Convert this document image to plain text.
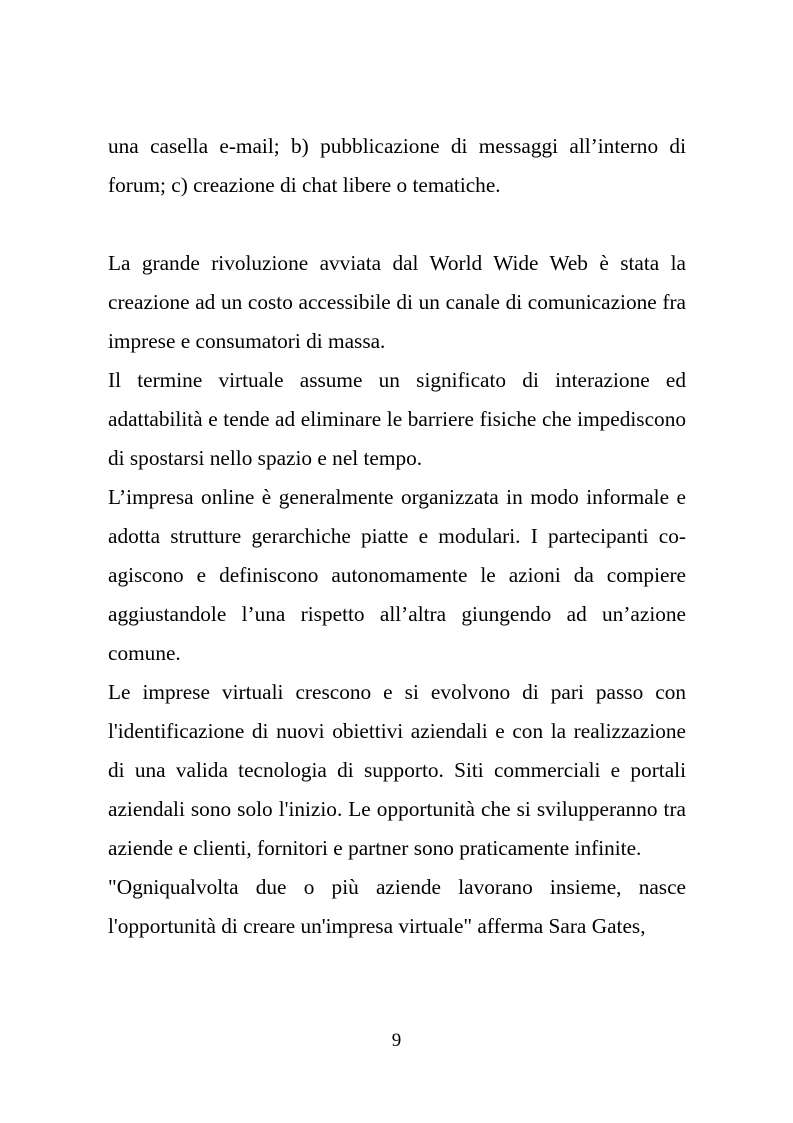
una casella e-mail; b) pubblicazione di messaggi all’interno di forum; c) creazione di chat libere o tematiche.

La grande rivoluzione avviata dal World Wide Web è stata la creazione ad un costo accessibile di un canale di comunicazione fra imprese e consumatori di massa.

Il termine virtuale assume un significato di interazione ed adattabilità e tende ad eliminare le barriere fisiche che impediscono di spostarsi nello spazio e nel tempo.

L’impresa online è generalmente organizzata in modo informale e adotta strutture gerarchiche piatte e modulari. I partecipanti co-agiscono e definiscono autonomamente le azioni da compiere aggiustandole l’una rispetto all’altra giungendo ad un’azione comune.

Le imprese virtuali crescono e si evolvono di pari passo con l'identificazione di nuovi obiettivi aziendali e con la realizzazione di una valida tecnologia di supporto. Siti commerciali e portali aziendali sono solo l'inizio. Le opportunità che si svilupperanno tra aziende e clienti, fornitori e partner sono praticamente infinite.

"Ogniqualvolta due o più aziende lavorano insieme, nasce l'opportunità di creare un'impresa virtuale" afferma Sara Gates,

9
